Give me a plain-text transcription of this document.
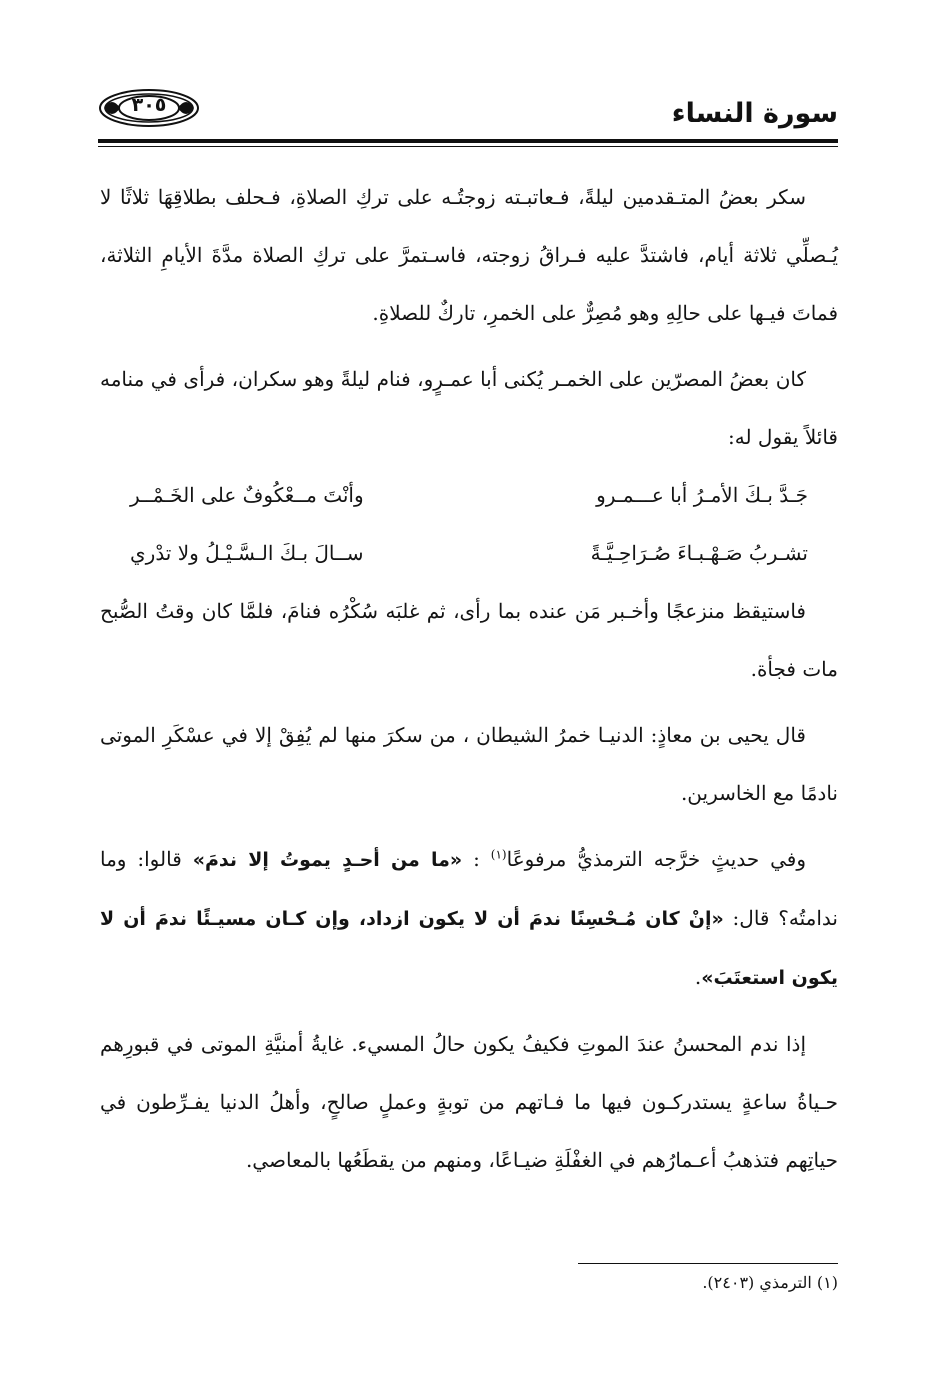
سورة النساء
٣٠٥

سكر بعضُ المتـقدمين ليلةً، فـعاتبـته زوجتُـه على تركِ الصلاةِ، فـحلف بطلاقِهَا ثلاثًا لا يُـصلِّي ثلاثة أيام، فاشتدَّ عليه فـراقُ زوجته، فاسـتمرَّ على تركِ الصلاة مدَّةَ الأيامِ الثلاثة، فماتَ فيـها على حالِهِ وهو مُصِرٌّ على الخمرِ، تاركٌ للصلاةِ.

كان بعضُ المصرّين على الخمـر يُكنى أبا عمـرٍو، فنام ليلةً وهو سكران، فرأى في منامه قائلاً يقول له:

جَـدَّ بـكَ الأمـرُ أبا عـــمـرو
وأنْتَ مــعْكُوفٌ على الخَـمْــر
تشـربُ صَـهْـبـاءَ صُـرَاحِـيَّـةً
ســالَ بـكَ الـسَّـيْـلُ ولا تدْري

فاستيقظ منزعجًا وأخـبر مَن عنده بما رأى، ثم غلبَه سُكْرُه فنامَ، فلمَّا كان وقتُ الصُّبح مات فجأة.

قال يحيى بن معاذٍ: الدنيـا خمرُ الشيطان ، من سكرَ منها لم يُفِقْ إلا في عسْكَرِ الموتى نادمًا مع الخاسرين.

وفي حديثٍ خرَّجه الترمذيُّ مرفوعًا$^{(١)}$ : «ما من أحـدٍ يموتُ إلا ندمَ» قالوا: وما ندامتُه؟ قال: «إنْ كان مُـحْسِنًا ندمَ أن لا يكون ازداد، وإن كـان مسيـئًا ندمَ أن لا يكون استعتَبَ».

إذا ندم المحسنُ عندَ الموتِ فكيفُ يكون حالُ المسيء. غايةُ أمنيَّةِ الموتى في قبورِهم حـياةُ ساعةٍ يستدركـون فيها ما فـاتهم من توبةٍ وعملٍ صالحٍ، وأهلُ الدنيا يفـرِّطون في حياتِهم فتذهبُ أعـمارُهم في الغفْلَةِ ضيـاعًا، ومنهم من يقطَعُها بالمعاصي.

(١) الترمذي (٢٤٠٣).
